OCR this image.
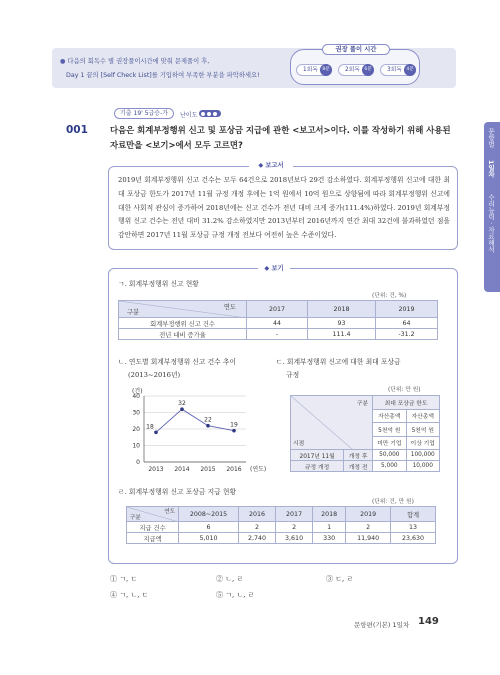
● 다음의 회독수 별 권장풀이시간에 맞춰 문제풀이 후,
Day 1 끝의 [Self Check List]를 기입하여 부족한 부분을 파악하세요!
권장 풀이 시간
1회독	8분	2회독	6분	3회독	4분
기출 19' 5급승-가	난이도
001	다음은 회계부정행위 신고 및 포상금 지급에 관한 <보고서>이다. 이를 작성하기 위해 사용된 자료만을 <보기>에서 모두 고르면?	문항별
1일차
수리능력 · 자료해석
◆ 보고서
2019년 회계부정행위 신고 건수는 모두 64건으로 2018년보다 29건 감소하였다. 회계부정행위 신고에 대한 최대 포상금 한도가 2017년 11월 규정 개정 후에는 1억 원에서 10억 원으로 상향됨에 따라 회계부정행위 신고에 대한 사회적 관심이 증가하여 2018년에는 신고 건수가 전년 대비 크게 증가(111.4%)하였다. 2019년 회계부정행위 신고 건수는 전년 대비 31.2% 감소하였지만 2013년부터 2016년까지 연간 최대 32건에 불과하였던 점을 감안하면 2017년 11월 포상금 규정 개정 전보다 여전히 높은 수준이었다.
◆ 보기
ㄱ. 회계부정행위 신고 현황
(단위: 건, %)
연도
구분	2017	2018	2019
회계부정행위 신고 건수	44	93	64
전년 대비 증가율	-	111.4	-31.2
ㄴ. 연도별 회계부정행위 신고 건수 추이
(2013~2016년)
(건)
0
10
20
30
40
2013 2014 2015 2016 (연도)
18
32
22
19
ㄷ. 회계부정행위 신고에 대한 최대 포상금
규정
(단위: 만 원)
구분
시점		최대 포상금 한도	
		자산총액	자산총액
		5천억 원	5천억 원
		미만 기업	이상 기업
2017년 11월	개정 후	50,000	100,000
규정 개정	개정 전	5,000	10,000
ㄹ. 회계부정행위 신고 포상금 지급 현황
(단위: 건, 만 원)
연도
구분	2008~2015	2016	2017	2018	2019	합계
지급 건수	6	2	2	1	2	13
지급액	5,010	2,740	3,610	330	11,940	23,630
① ㄱ, ㄷ	② ㄴ, ㄹ	③ ㄷ, ㄹ
④ ㄱ, ㄴ, ㄷ	⑤ ㄱ, ㄴ, ㄹ
문항편(기본) 1일차 149
